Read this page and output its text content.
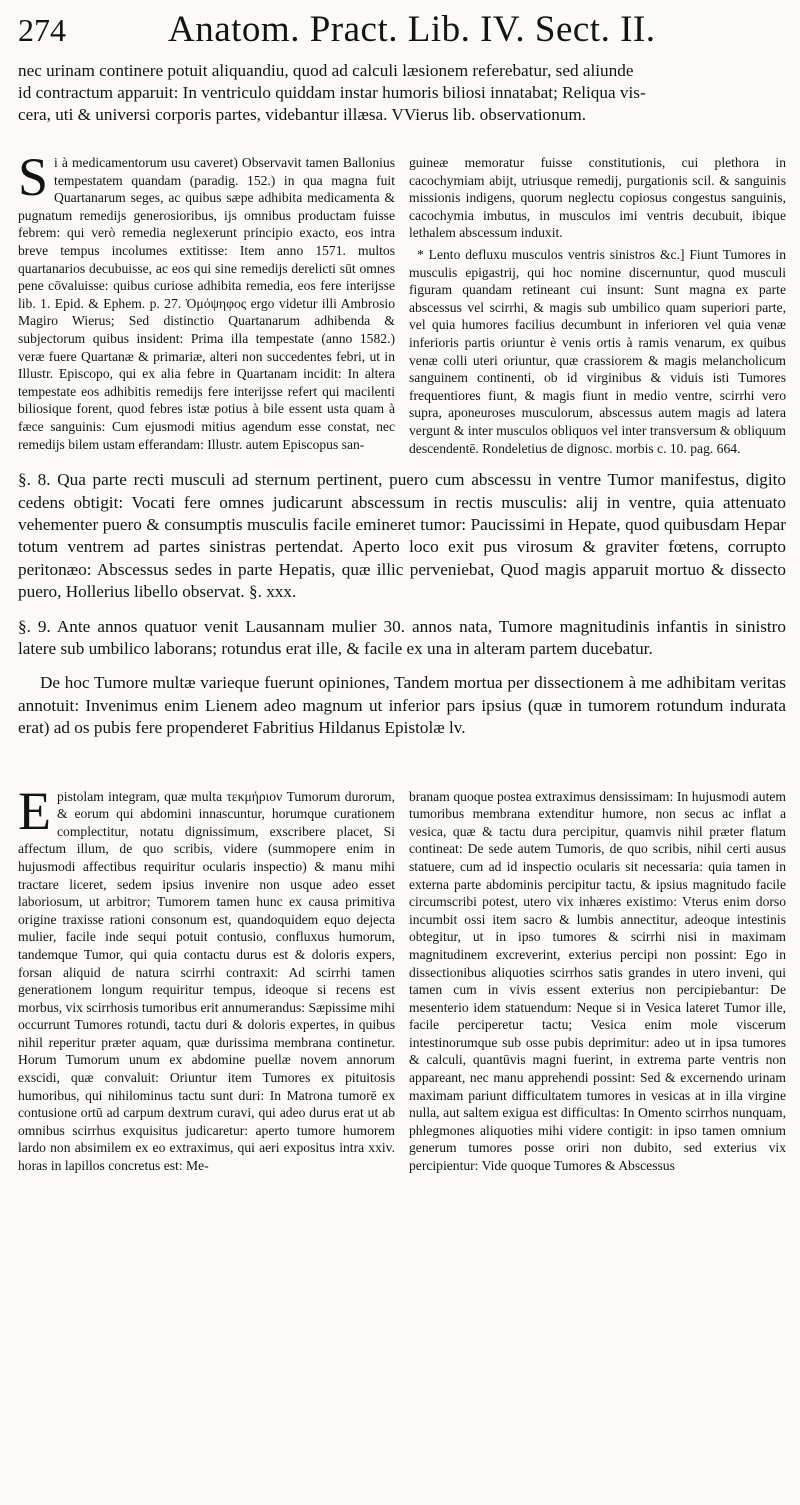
274	Anatom. Pract. Lib. IV. Sect. II.
nec urinam continere potuit aliquandiu, quod ad calculi læsionem referebatur, sed aliunde
id contractum apparuit: In ventriculo quiddam instar humoris biliosi innatabat; Reliqua vis-
cera, uti & universi corporis partes, videbantur illæsa. VVierus lib. observationum.

Si à medicamentorum usu caveret) Observavit tamen Ballonius tempestatem quandam (paradig. 152.) in qua magna fuit Quartanarum seges, ac quibus sæpe adhibita medicamenta & pugnatum remedijs generosioribus, ijs omnibus productam fuisse febrem: qui verò remedia neglexerunt principio exacto, eos intra breve tempus incolumes extitisse: Item anno 1571. multos quartanarios decubuisse, ac eos qui sine remedijs derelicti sūt omnes pene cōvaluisse: quibus curiose adhibita remedia, eos fere interijsse lib. 1. Epid. & Ephem. p. 27. Ὁμόψηφος ergo videtur illi Ambrosio Magiro Wierus; Sed distinctio Quartanarum adhibenda & subjectorum quibus insident: Prima illa tempestate (anno 1582.) veræ fuere Quartanæ & primariæ, alteri non succedentes febri, ut in Illustr. Episcopo, qui ex alia febre in Quartanam incidit: In altera tempestate eos adhibitis remedijs fere interijsse refert qui macilenti biliosique forent, quod febres istæ potius à bile essent usta quam à fæce sanguinis: Cum ejusmodi mitius agendum esse constat, nec remedijs bilem ustam efferandam: Illustr. autem Episcopus san-

guineæ memoratur fuisse constitutionis, cui plethora in cacochymiam abijt, utriusque remedij, purgationis scil. & sanguinis missionis indigens, quorum neglectu copiosus congestus sanguinis, cacochymia imbutus, in musculos imi ventris decubuit, ibique lethalem abscessum induxit.

* Lento defluxu musculos ventris sinistros &c.] Fiunt Tumores in musculis epigastrij, qui hoc nomine discernuntur, quod musculi figuram quandam retineant cui insunt: Sunt magna ex parte abscessus vel scirrhi, & magis sub umbilico quam superiori parte, vel quia humores facilius decumbunt in inferioren vel quia venæ inferioris partis oriuntur è venis ortis à ramis venarum, ex quibus venæ colli uteri oriuntur, quæ crassiorem & magis melancholicum sanguinem continenti, ob id virginibus & viduis isti Tumores frequentiores fiunt, & magis fiunt in medio ventre, scirrhi vero supra, aponeuroses musculorum, abscessus autem magis ad latera vergunt & inter musculos obliquos vel inter transversum & obliquum descendentē. Rondeletius de dignosc. morbis c. 10. pag. 664.

§. 8. Qua parte recti musculi ad sternum pertinent, puero cum abscessu in ventre Tumor manifestus, digito cedens obtigit: Vocati fere omnes judicarunt abscessum in rectis musculis: alij in ventre, quia attenuato vehementer puero & consumptis musculis facile emineret tumor: Paucissimi in Hepate, quod quibusdam Hepar totum ventrem ad partes sinistras pertendat. Aperto loco exit pus virosum & graviter fœtens, corrupto peritonæo: Abscessus sedes in parte Hepatis, quæ illic perveniebat, Quod magis apparuit mortuo & dissecto puero, Hollerius libello observat. §. xxx.

§. 9. Ante annos quatuor venit Lausannam mulier 30. annos nata, Tumore magnitudinis infantis in sinistro latere sub umbilico laborans; rotundus erat ille, & facile ex una in alteram partem ducebatur.

De hoc Tumore multæ varieque fuerunt opiniones, Tandem mortua per dissectionem à me adhibitam veritas annotuit: Invenimus enim Lienem adeo magnum ut inferior pars ipsius (quæ in tumorem rotundum indurata erat) ad os pubis fere propenderet Fabritius Hildanus Epistolæ lv.

Epistolam integram, quæ multa τεκμήριον Tumorum durorum, & eorum qui abdomini innascuntur, horumque curationem complectitur, notatu dignissimum, exscribere placet, Si affectum illum, de quo scribis, videre (summopere enim in hujusmodi affectibus requiritur ocularis inspectio) & manu mihi tractare liceret, sedem ipsius invenire non usque adeo esset laboriosum, ut arbitror; Tumorem tamen hunc ex causa primitiva origine traxisse rationi consonum est, quandoquidem equo dejecta mulier, facile inde sequi potuit contusio, confluxus humorum, tandemque Tumor, qui quia contactu durus est & doloris expers, forsan aliquid de natura scirrhi contraxit: Ad scirrhi tamen generationem longum requiritur tempus, ideoque si recens est morbus, vix scirrhosis tumoribus erit annumerandus: Sæpissime mihi occurrunt Tumores rotundi, tactu duri & doloris expertes, in quibus nihil reperitur præter aquam, quæ durissima membrana continetur. Horum Tumorum unum ex abdomine puellæ novem annorum exscidi, quæ convaluit: Oriuntur item Tumores ex pituitosis humoribus, qui nihilominus tactu sunt duri: In Matrona tumorē ex contusione ortū ad carpum dextrum curavi, qui adeo durus erat ut ab omnibus scirrhus exquisitus judicaretur: aperto tumore humorem lardo non absimilem ex eo extraximus, qui aeri expositus intra xxiv. horas in lapillos concretus est: Me-

branam quoque postea extraximus densissimam: In hujusmodi autem tumoribus membrana extenditur humore, non secus ac inflat a vesica, quæ & tactu dura percipitur, quamvis nihil præter flatum contineat: De sede autem Tumoris, de quo scribis, nihil certi ausus statuere, cum ad id inspectio ocularis sit necessaria: quia tamen in externa parte abdominis percipitur tactu, & ipsius magnitudo facile circumscribi potest, utero vix inhæres existimo: Vterus enim dorso incumbit ossi item sacro & lumbis annectitur, adeoque intestinis obtegitur, ut in ipso tumores & scirrhi nisi in maximam magnitudinem excreverint, exterius percipi non possint: Ego in dissectionibus aliquoties scirrhos satis grandes in utero inveni, qui tamen cum in vivis essent exterius non percipiebantur: De mesenterio idem statuendum: Neque si in Vesica lateret Tumor ille, facile perciperetur tactu; Vesica enim mole viscerum intestinorumque sub osse pubis deprimitur: adeo ut in ipsa tumores & calculi, quantūvis magni fuerint, in extrema parte ventris non appareant, nec manu apprehendi possint: Sed & excernendo urinam maximam pariunt difficultatem tumores in vesicas at in illa virgine nulla, aut saltem exigua est difficultas: In Omento scirrhos nunquam, phlegmones aliquoties mihi videre contigit: in ipso tamen omnium generum tumores posse oriri non dubito, sed exterius vix percipientur: Vide quoque Tumores & Abscessus
